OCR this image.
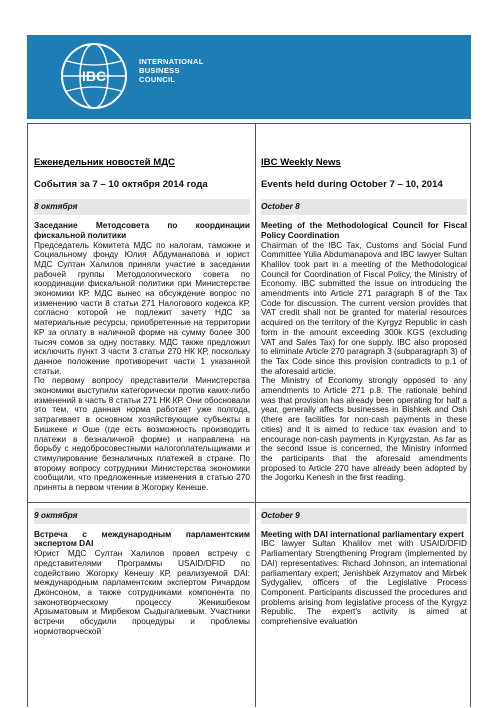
IBC
INTERNATIONAL
BUSINESS
COUNCIL
Еженедельник новостей МДС
События за 7 – 10 октября 2014 года
8 октября

Заседание Методсовета по координации фискальной политики

Председатель Комитета МДС по налогам, таможне и Социальному фонду Юлия Абдуманапова и юрист МДС Султан Халилов приняли участие в заседании рабочей группы Методологического совета по координации фискальной политики при Министерстве экономики КР. МДС вынес на обсуждение вопрос по изменению части 8 статьи 271 Налогового кодекса КР, согласно которой не подлежит зачету НДС за материальные ресурсы, приобретенные на территории КР за оплату в наличной форме на сумму более 300 тысяч сомов за одну поставку. МДС также предложил исключить пункт 3 части 3 статьи 270 НК КР, поскольку данное положение противоречит части 1 указанной статьи.

По первому вопросу представители Министерства экономики выступили категорически против каких-либо изменений в часть 8 статьи 271 НК КР. Они обосновали это тем, что данная норма работает уже полгода, затрагивает в основном хозяйствующие субъекты в Бишкеке и Оше (где есть возможность производить платежи в безналичной форме) и направлена на борьбу с недобросовестными налогоплательщиками и стимулирование безналичных платежей в стране. По второму вопросу сотрудники Министерства экономики сообщили, что предложенные изменения в статью 270 приняты в первом чтении в Жогорку Кенеше.

IBC Weekly News
Events held during October 7 – 10, 2014
October 8

Meeting of the Methodological Council for Fiscal Policy Coordination

Chairman of the IBC Tax, Customs and Social Fund Committee Yulia Abdumanapova and IBC lawyer Sultan Khalilov took part in a meeting of the Methodological Council for Coordination of Fiscal Policy, the Ministry of Economy. IBC submitted the issue on introducing the amendments into Article 271 paragraph 8 of the Tax Code for discussion. The current version provides that VAT credit shall not be granted for material resources acquired on the territory of the Kyrgyz Republic in cash form in the amount exceeding 300k KGS (excluding VAT and Sales Tax) for one supply. IBC also proposed to eliminate Article 270 paragraph 3 (subparagraph 3) of the Tax Code since this provision contradicts to p.1 of the aforesaid article.

The Ministry of Economy strongly opposed to any amendments to Article 271 p.8. The rationale behind was that provision has already been operating for half a year, generally affects businesses in Bishkek and Osh (there are facilities for non-cash payments in these cities) and it is aimed to reduce tax evasion and to encourage non-cash payments in Kyrgyzstan. As far as the second issue is concerned, the Ministry informed the participants that the aforesaid amendments proposed to Article 270 have already been adopted by the Jogorku Kenesh in the first reading.

9 октября

Встреча с международным парламентским экспертом DAI

Юрист МДС Султан Халилов провел встречу с представителями Программы USAID/DFID по содействию Жогорку Кенешу КР, реализуемой DAI: международным парламентским экспертом Ричардом Джонсоном, а также сотрудниками компонента по законотворческому процессу Женишбеком Арзыматовым и Мирбеком Сыдыгалиевым. Участники встречи обсудили процедуры и проблемы нормотворческой

October 9

Meeting with DAI international parliamentary expert

IBC lawyer Sultan Khalilov met with USAID/DFID Parliamentary Strengthening Program (implemented by DAI) representatives: Richard Johnson, an international parliamentary expert; Jenishbek Arzymatov and Mirbek Sydygaliev, officers of the Legislative Process Component. Participants discussed the procedures and problems arising from legislative process of the Kyrgyz Republic. The expert's activity is aimed at comprehensive evaluation
